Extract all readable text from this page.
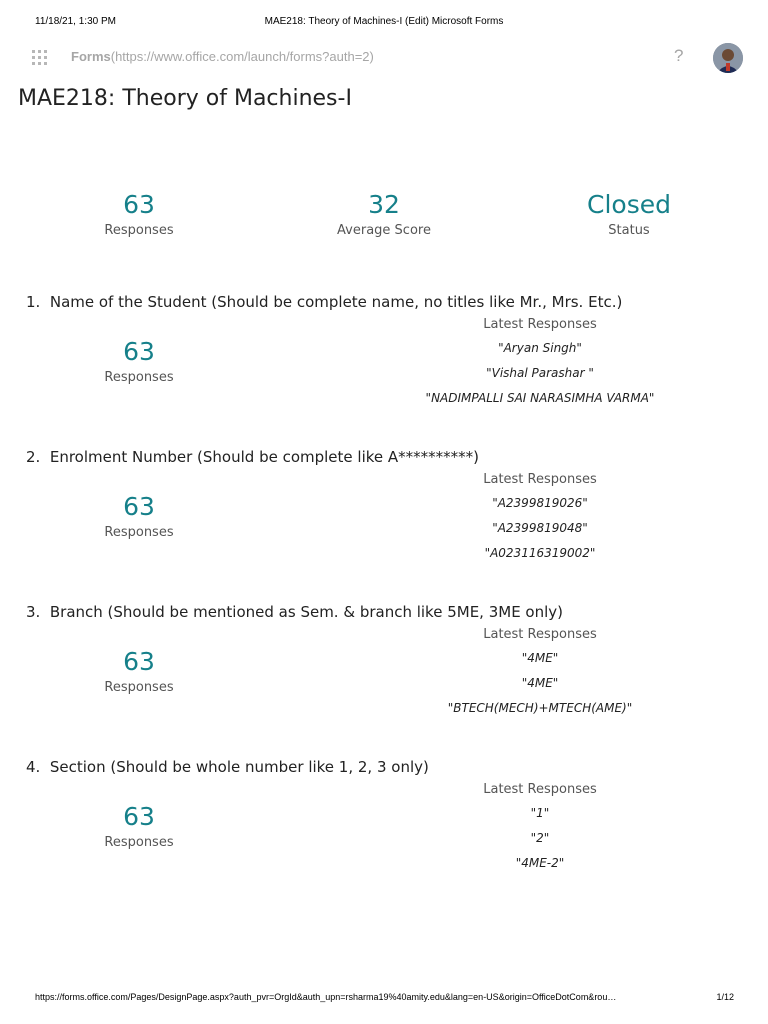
11/18/21, 1:30 PM	MAE218: Theory of Machines-I (Edit) Microsoft Forms
Forms(https://www.office.com/launch/forms?auth=2)	?
MAE218: Theory of Machines-I
63
Responses
32
Average Score
Closed
Status
1. Name of the Student (Should be complete name, no titles like Mr., Mrs. Etc.)
63
Responses
Latest Responses
"Aryan Singh"
"Vishal Parashar "
"NADIMPALLI SAI NARASIMHA VARMA"
2. Enrolment Number (Should be complete like A**********)
63
Responses
Latest Responses
"A2399819026"
"A2399819048"
"A023116319002"
3. Branch (Should be mentioned as Sem. & branch like 5ME, 3ME only)
63
Responses
Latest Responses
"4ME"
"4ME"
"BTECH(MECH)+MTECH(AME)"
4. Section (Should be whole number like 1, 2, 3 only)
63
Responses
Latest Responses
"1"
"2"
"4ME-2"
https://forms.office.com/Pages/DesignPage.aspx?auth_pvr=OrgId&auth_upn=rsharma19%40amity.edu&lang=en-US&origin=OfficeDotCom&rou…	1/12
